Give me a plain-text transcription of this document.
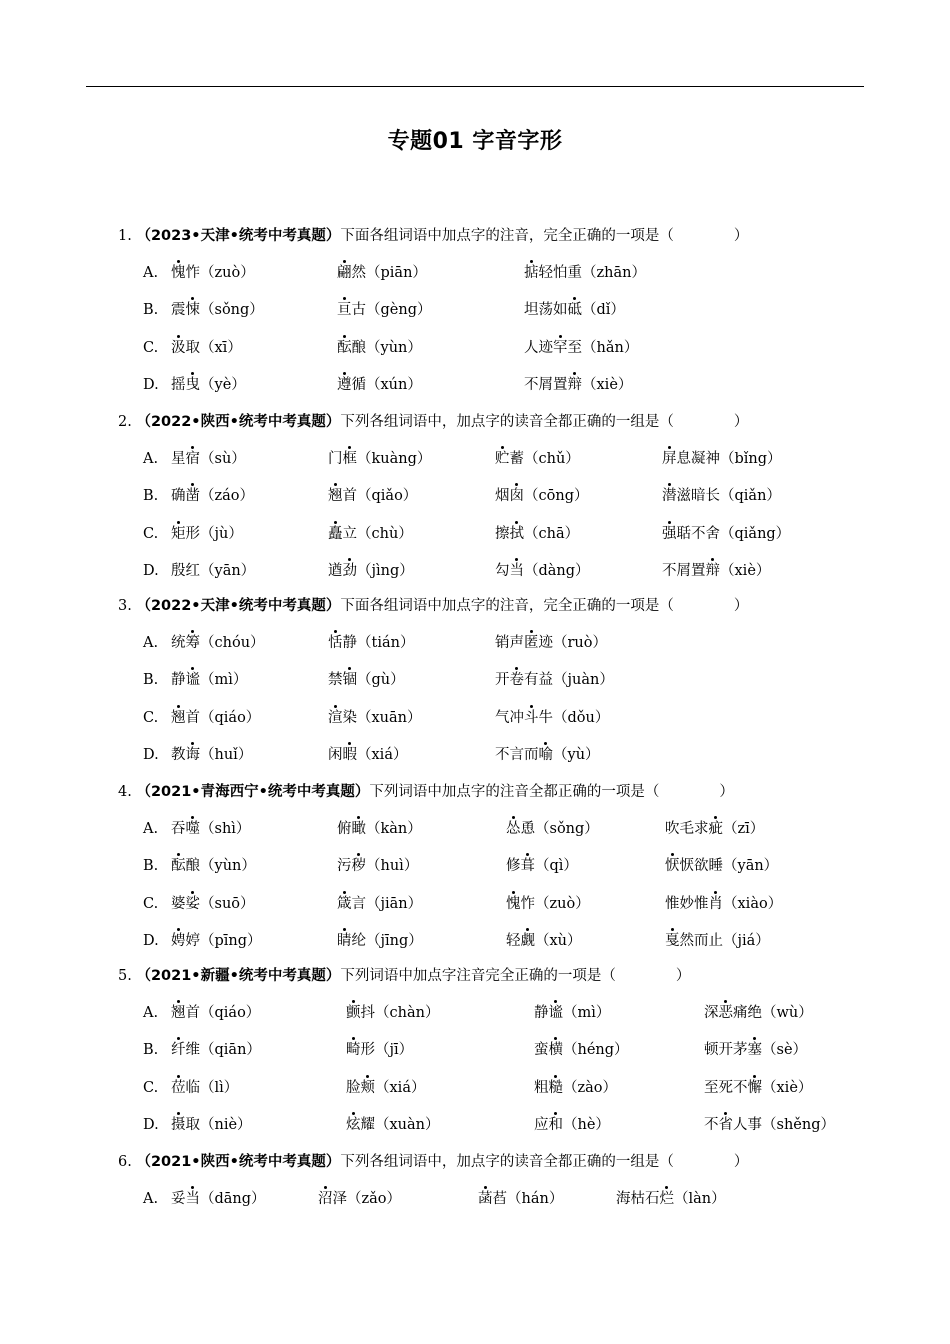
专题01 字音字形
1. （2023•天津•统考中考真题）下面各组词语中加点字的注音，完全正确的一项是（	）
A. 愧怍（zuò）	翩然（piān）	掂轻怕重（zhān）
B. 震悚（sǒng）	亘古（gèng）	坦荡如砥（dǐ）
C. 汲取（xī）	酝酿（yùn）	人迹罕至（hǎn）
D. 摇曳（yè）	遵循（xún）	不屑置辩（xiè）
2. （2022•陕西•统考中考真题）下列各组词语中，加点字的读音全都正确的一组是（	）
A. 星宿（sù）	门框（kuàng）	贮蓄（chǔ）	屏息凝神（bǐng）
B. 确凿（záo）	翘首（qiǎo）	烟囱（cōng）	潜滋暗长（qiǎn）
C. 矩形（jù）	矗立（chù）	擦拭（chā）	强聒不舍（qiǎng）
D. 殷红（yān）	遒劲（jìng）	勾当（dàng）	不屑置辩（xiè）
3. （2022•天津•统考中考真题）下面各组词语中加点字的注音，完全正确的一项是（	）
A. 统筹（chóu）	恬静（tián）	销声匿迹（ruò）
B. 静谧（mì）	禁锢（gù）	开卷有益（juàn）
C. 翘首（qiáo）	渲染（xuān）	气冲斗牛（dǒu）
D. 教诲（huǐ）	闲暇（xiá）	不言而喻（yù）
4. （2021•青海西宁•统考中考真题）下列词语中加点字的注音全都正确的一项是（	）
A. 吞噬（shì）	俯瞰（kàn）	怂恿（sǒng）	吹毛求疵（zī）
B. 酝酿（yùn）	污秽（huì）	修葺（qì）	恹恹欲睡（yān）
C. 婆娑（suō）	箴言（jiān）	愧怍（zuò）	惟妙惟肖（xiào）
D. 娉婷（pīng）	睛纶（jīng）	轻觑（xù）	戛然而止（jiá）
5. （2021•新疆•统考中考真题）下列词语中加点字注音完全正确的一项是（	）
A. 翘首（qiáo）	颤抖（chàn）	静谧（mì）	深恶痛绝（wù）
B. 纤维（qiān）	畸形（jī）	蛮横（héng）	顿开茅塞（sè）
C. 莅临（lì）	脸颊（xiá）	粗糙（zào）	至死不懈（xiè）
D. 摄取（niè）	炫耀（xuàn）	应和（hè）	不省人事（shěng）
6. （2021•陕西•统考中考真题）下列各组词语中，加点字的读音全都正确的一组是（	）
A. 妥当（dāng）	沼泽（zǎo）	菡萏（hán）	海枯石烂（làn）
